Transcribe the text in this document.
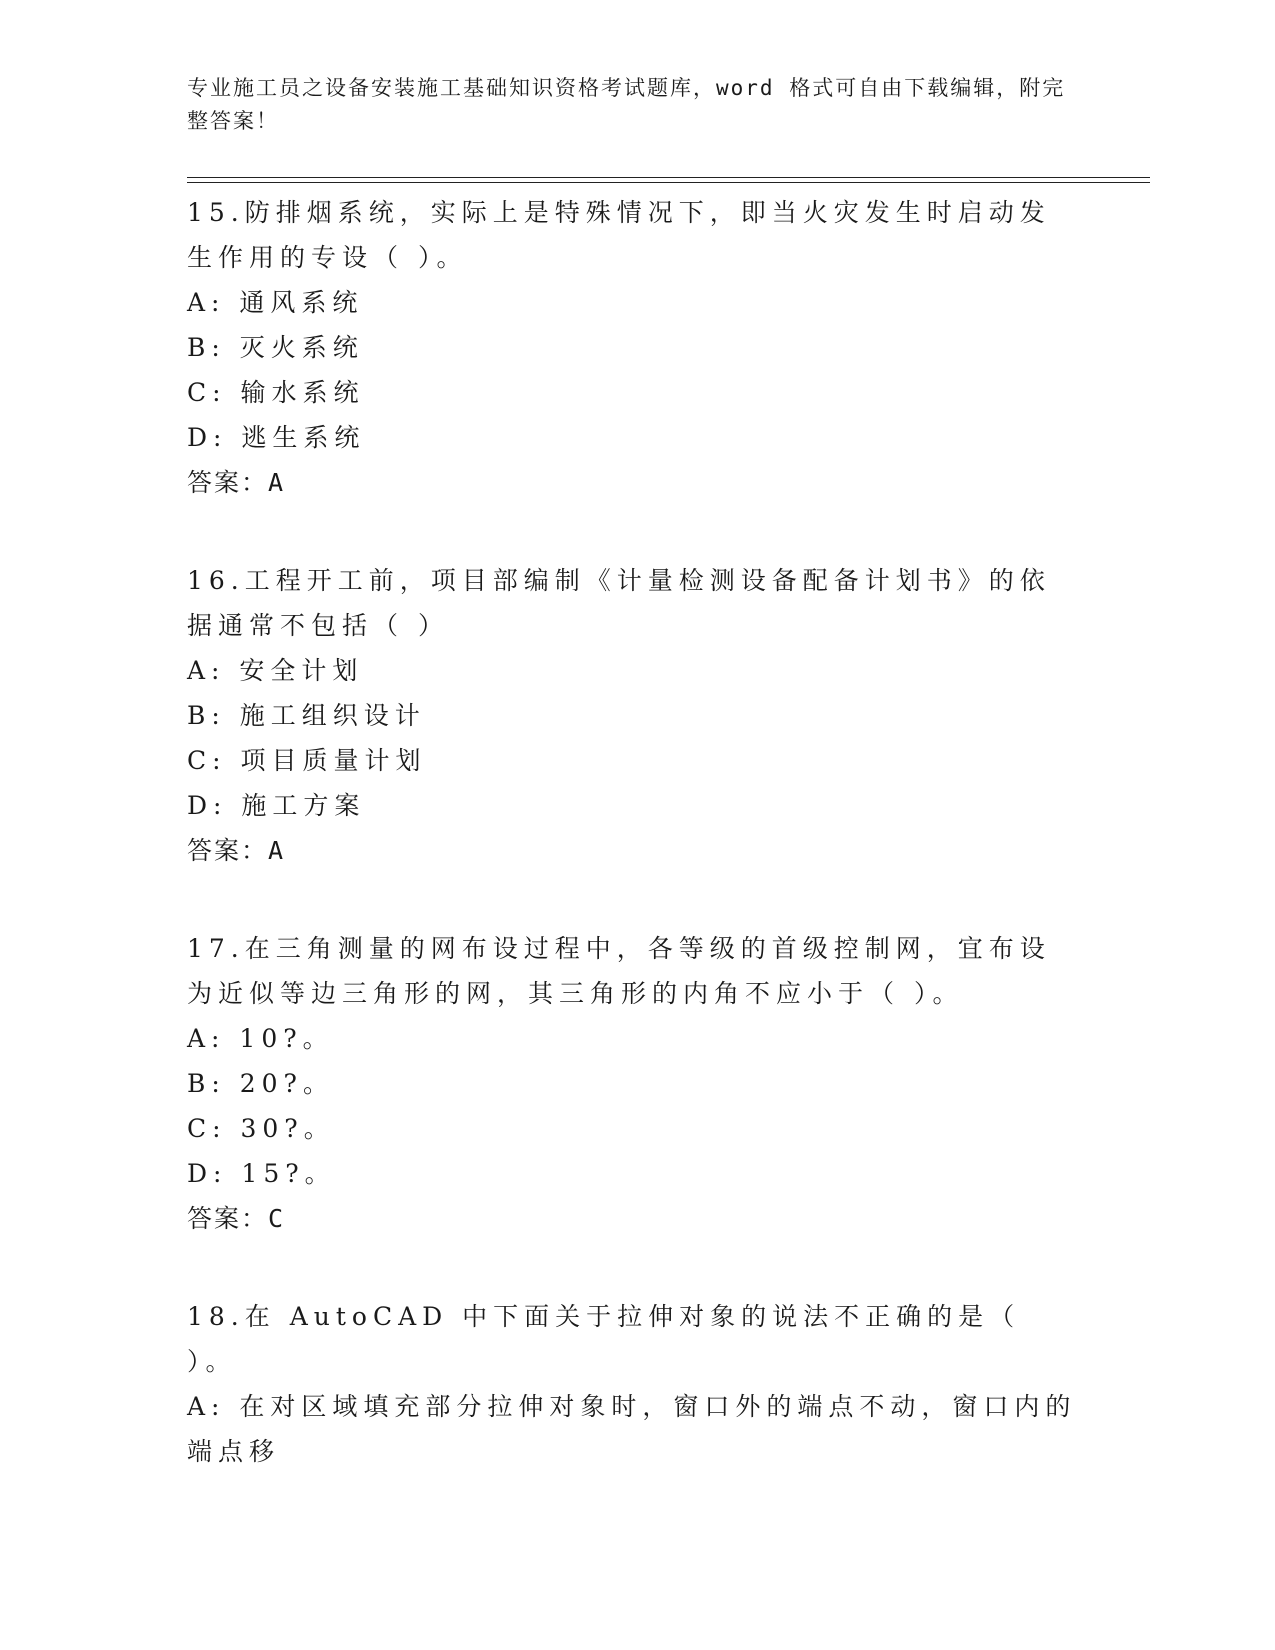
专业施工员之设备安装施工基础知识资格考试题库，word 格式可自由下载编辑，附完整答案！

15.防排烟系统，实际上是特殊情况下，即当火灾发生时启动发生作用的专设（ ）。

A: 通风系统

B: 灭火系统

C: 输水系统

D: 逃生系统

答案：A

16.工程开工前，项目部编制《计量检测设备配备计划书》的依据通常不包括（ ）

A: 安全计划

B: 施工组织设计

C: 项目质量计划

D: 施工方案

答案：A

17.在三角测量的网布设过程中，各等级的首级控制网，宜布设为近似等边三角形的网，其三角形的内角不应小于（ ）。

A: 10?。

B: 20?。

C: 30?。

D: 15?。

答案：C

18.在 AutoCAD 中下面关于拉伸对象的说法不正确的是（ ）。

A: 在对区域填充部分拉伸对象时，窗口外的端点不动，窗口内的端点移
